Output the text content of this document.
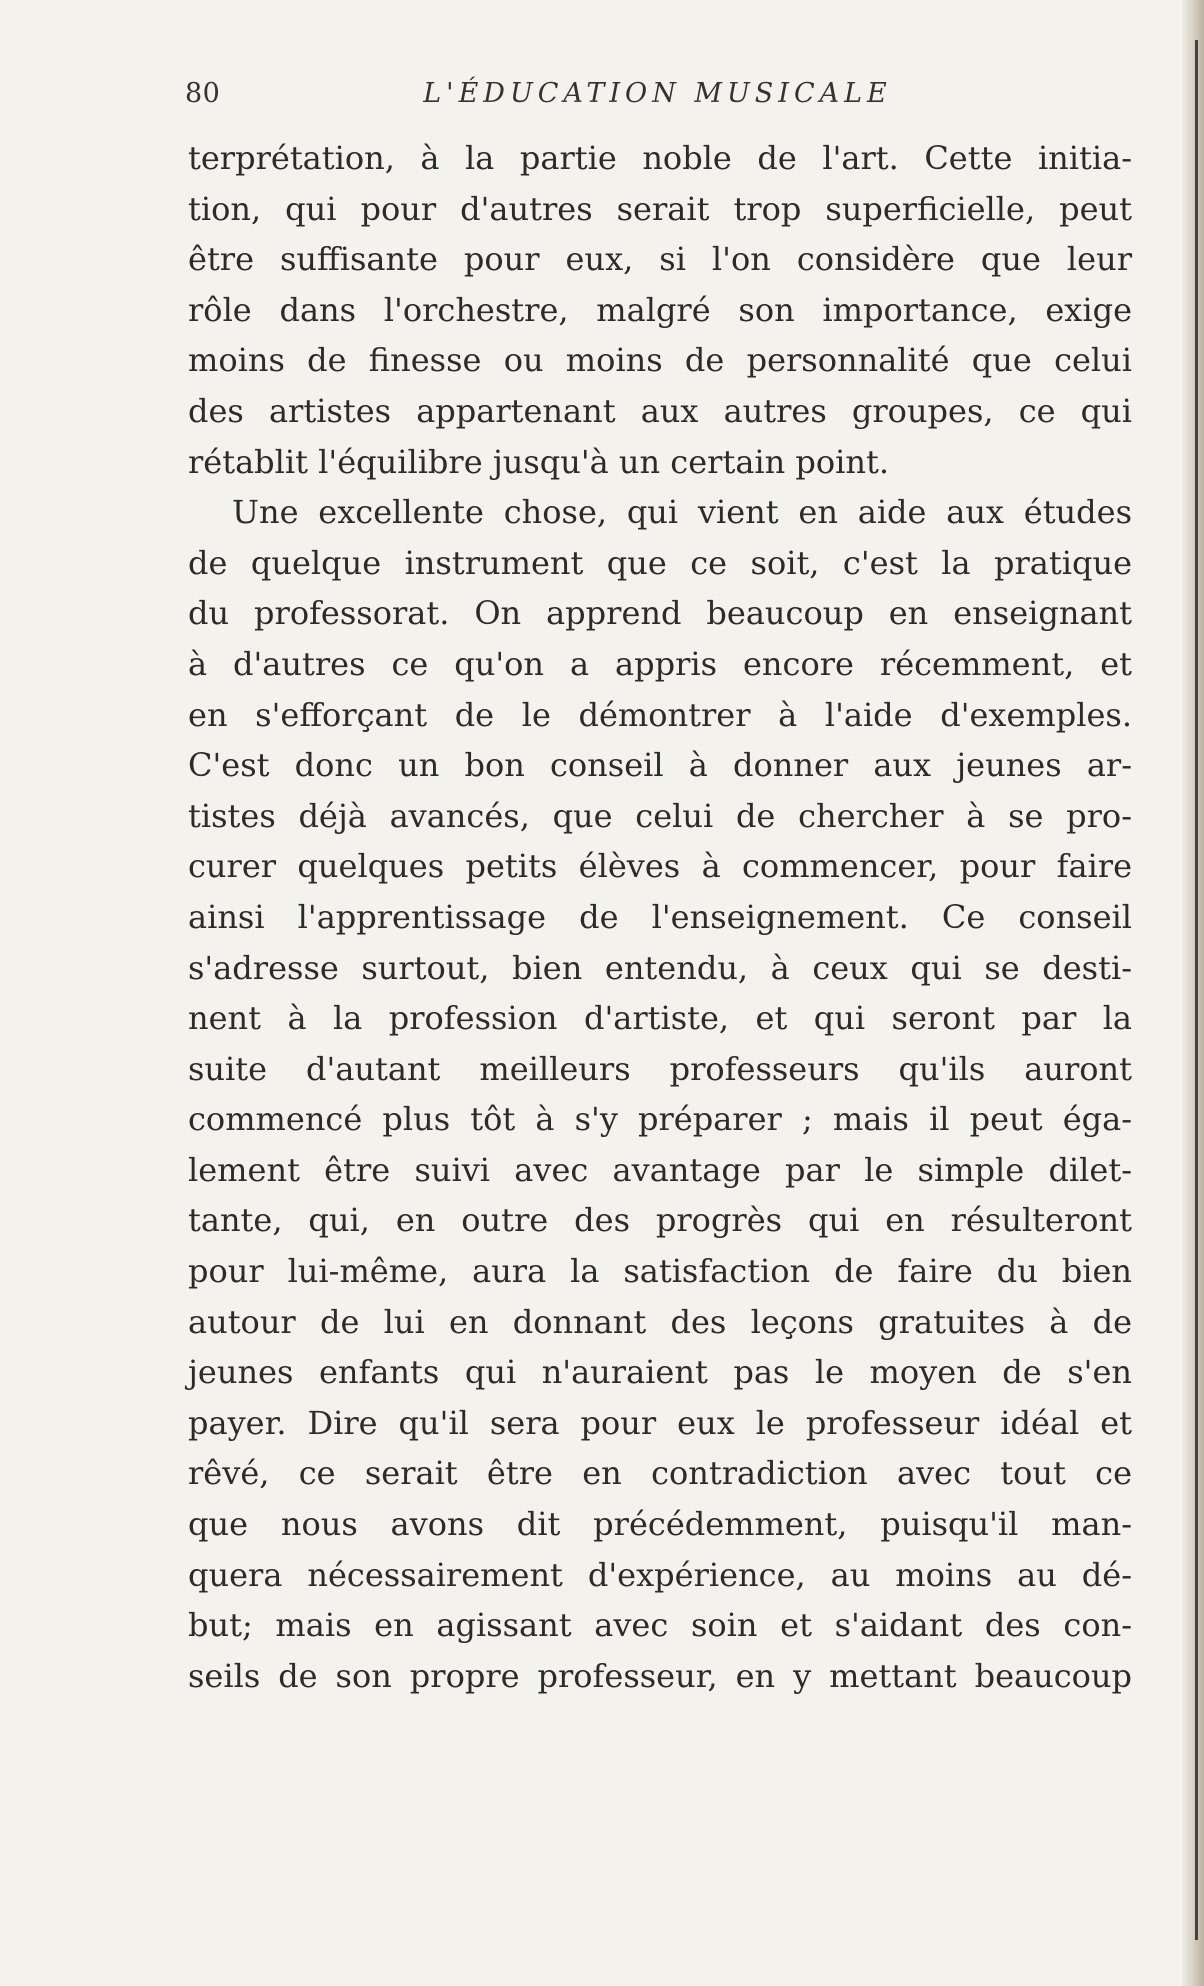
80	L'ÉDUCATION MUSICALE
terprétation, à la partie noble de l'art. Cette initia-
tion, qui pour d'autres serait trop superficielle, peut
être suffisante pour eux, si l'on considère que leur
rôle dans l'orchestre, malgré son importance, exige
moins de finesse ou moins de personnalité que celui
des artistes appartenant aux autres groupes, ce qui
rétablit l'équilibre jusqu'à un certain point.
Une excellente chose, qui vient en aide aux études
de quelque instrument que ce soit, c'est la pratique
du professorat. On apprend beaucoup en enseignant
à d'autres ce qu'on a appris encore récemment, et
en s'efforçant de le démontrer à l'aide d'exemples.
C'est donc un bon conseil à donner aux jeunes ar-
tistes déjà avancés, que celui de chercher à se pro-
curer quelques petits élèves à commencer, pour faire
ainsi l'apprentissage de l'enseignement. Ce conseil
s'adresse surtout, bien entendu, à ceux qui se desti-
nent à la profession d'artiste, et qui seront par la
suite d'autant meilleurs professeurs qu'ils auront
commencé plus tôt à s'y préparer ; mais il peut éga-
lement être suivi avec avantage par le simple dilet-
tante, qui, en outre des progrès qui en résulteront
pour lui-même, aura la satisfaction de faire du bien
autour de lui en donnant des leçons gratuites à de
jeunes enfants qui n'auraient pas le moyen de s'en
payer. Dire qu'il sera pour eux le professeur idéal et
rêvé, ce serait être en contradiction avec tout ce
que nous avons dit précédemment, puisqu'il man-
quera nécessairement d'expérience, au moins au dé-
but; mais en agissant avec soin et s'aidant des con-
seils de son propre professeur, en y mettant beaucoup
